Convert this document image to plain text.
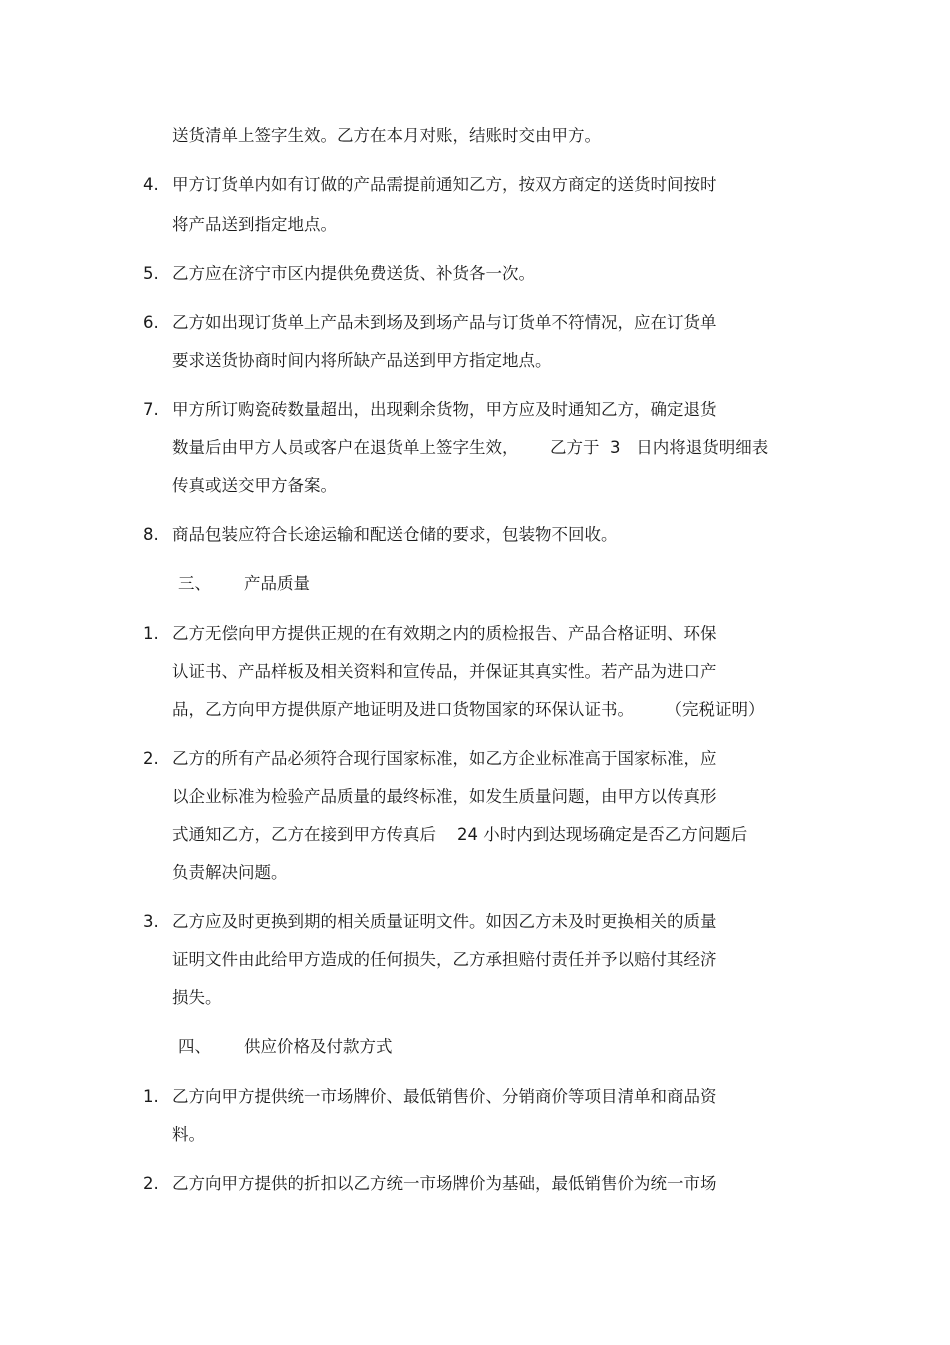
送货清单上签字生效。乙方在本月对账，结账时交由甲方。
4. 甲方订货单内如有订做的产品需提前通知乙方，按双方商定的送货时间按时
将产品送到指定地点。
5. 乙方应在济宁市区内提供免费送货、补货各一次。
6. 乙方如出现订货单上产品未到场及到场产品与订货单不符情况，应在订货单
要求送货协商时间内将所缺产品送到甲方指定地点。
7. 甲方所订购瓷砖数量超出，出现剩余货物，甲方应及时通知乙方，确定退货
数量后由甲方人员或客户在退货单上签字生效，      乙方于  3   日内将退货明细表
传真或送交甲方备案。
8. 商品包装应符合长途运输和配送仓储的要求，包装物不回收。
三、 产品质量
1. 乙方无偿向甲方提供正规的在有效期之内的质检报告、产品合格证明、环保
认证书、产品样板及相关资料和宣传品，并保证其真实性。若产品为进口产
品，乙方向甲方提供原产地证明及进口货物国家的环保认证书。      （完税证明）
2. 乙方的所有产品必须符合现行国家标准，如乙方企业标准高于国家标准，应
以企业标准为检验产品质量的最终标准，如发生质量问题，由甲方以传真形
式通知乙方，乙方在接到甲方传真后    24 小时内到达现场确定是否乙方问题后
负责解决问题。
3. 乙方应及时更换到期的相关质量证明文件。如因乙方未及时更换相关的质量
证明文件由此给甲方造成的任何损失，乙方承担赔付责任并予以赔付其经济
损失。
四、 供应价格及付款方式
1. 乙方向甲方提供统一市场牌价、最低销售价、分销商价等项目清单和商品资
料。
2. 乙方向甲方提供的折扣以乙方统一市场牌价为基础，最低销售价为统一市场
